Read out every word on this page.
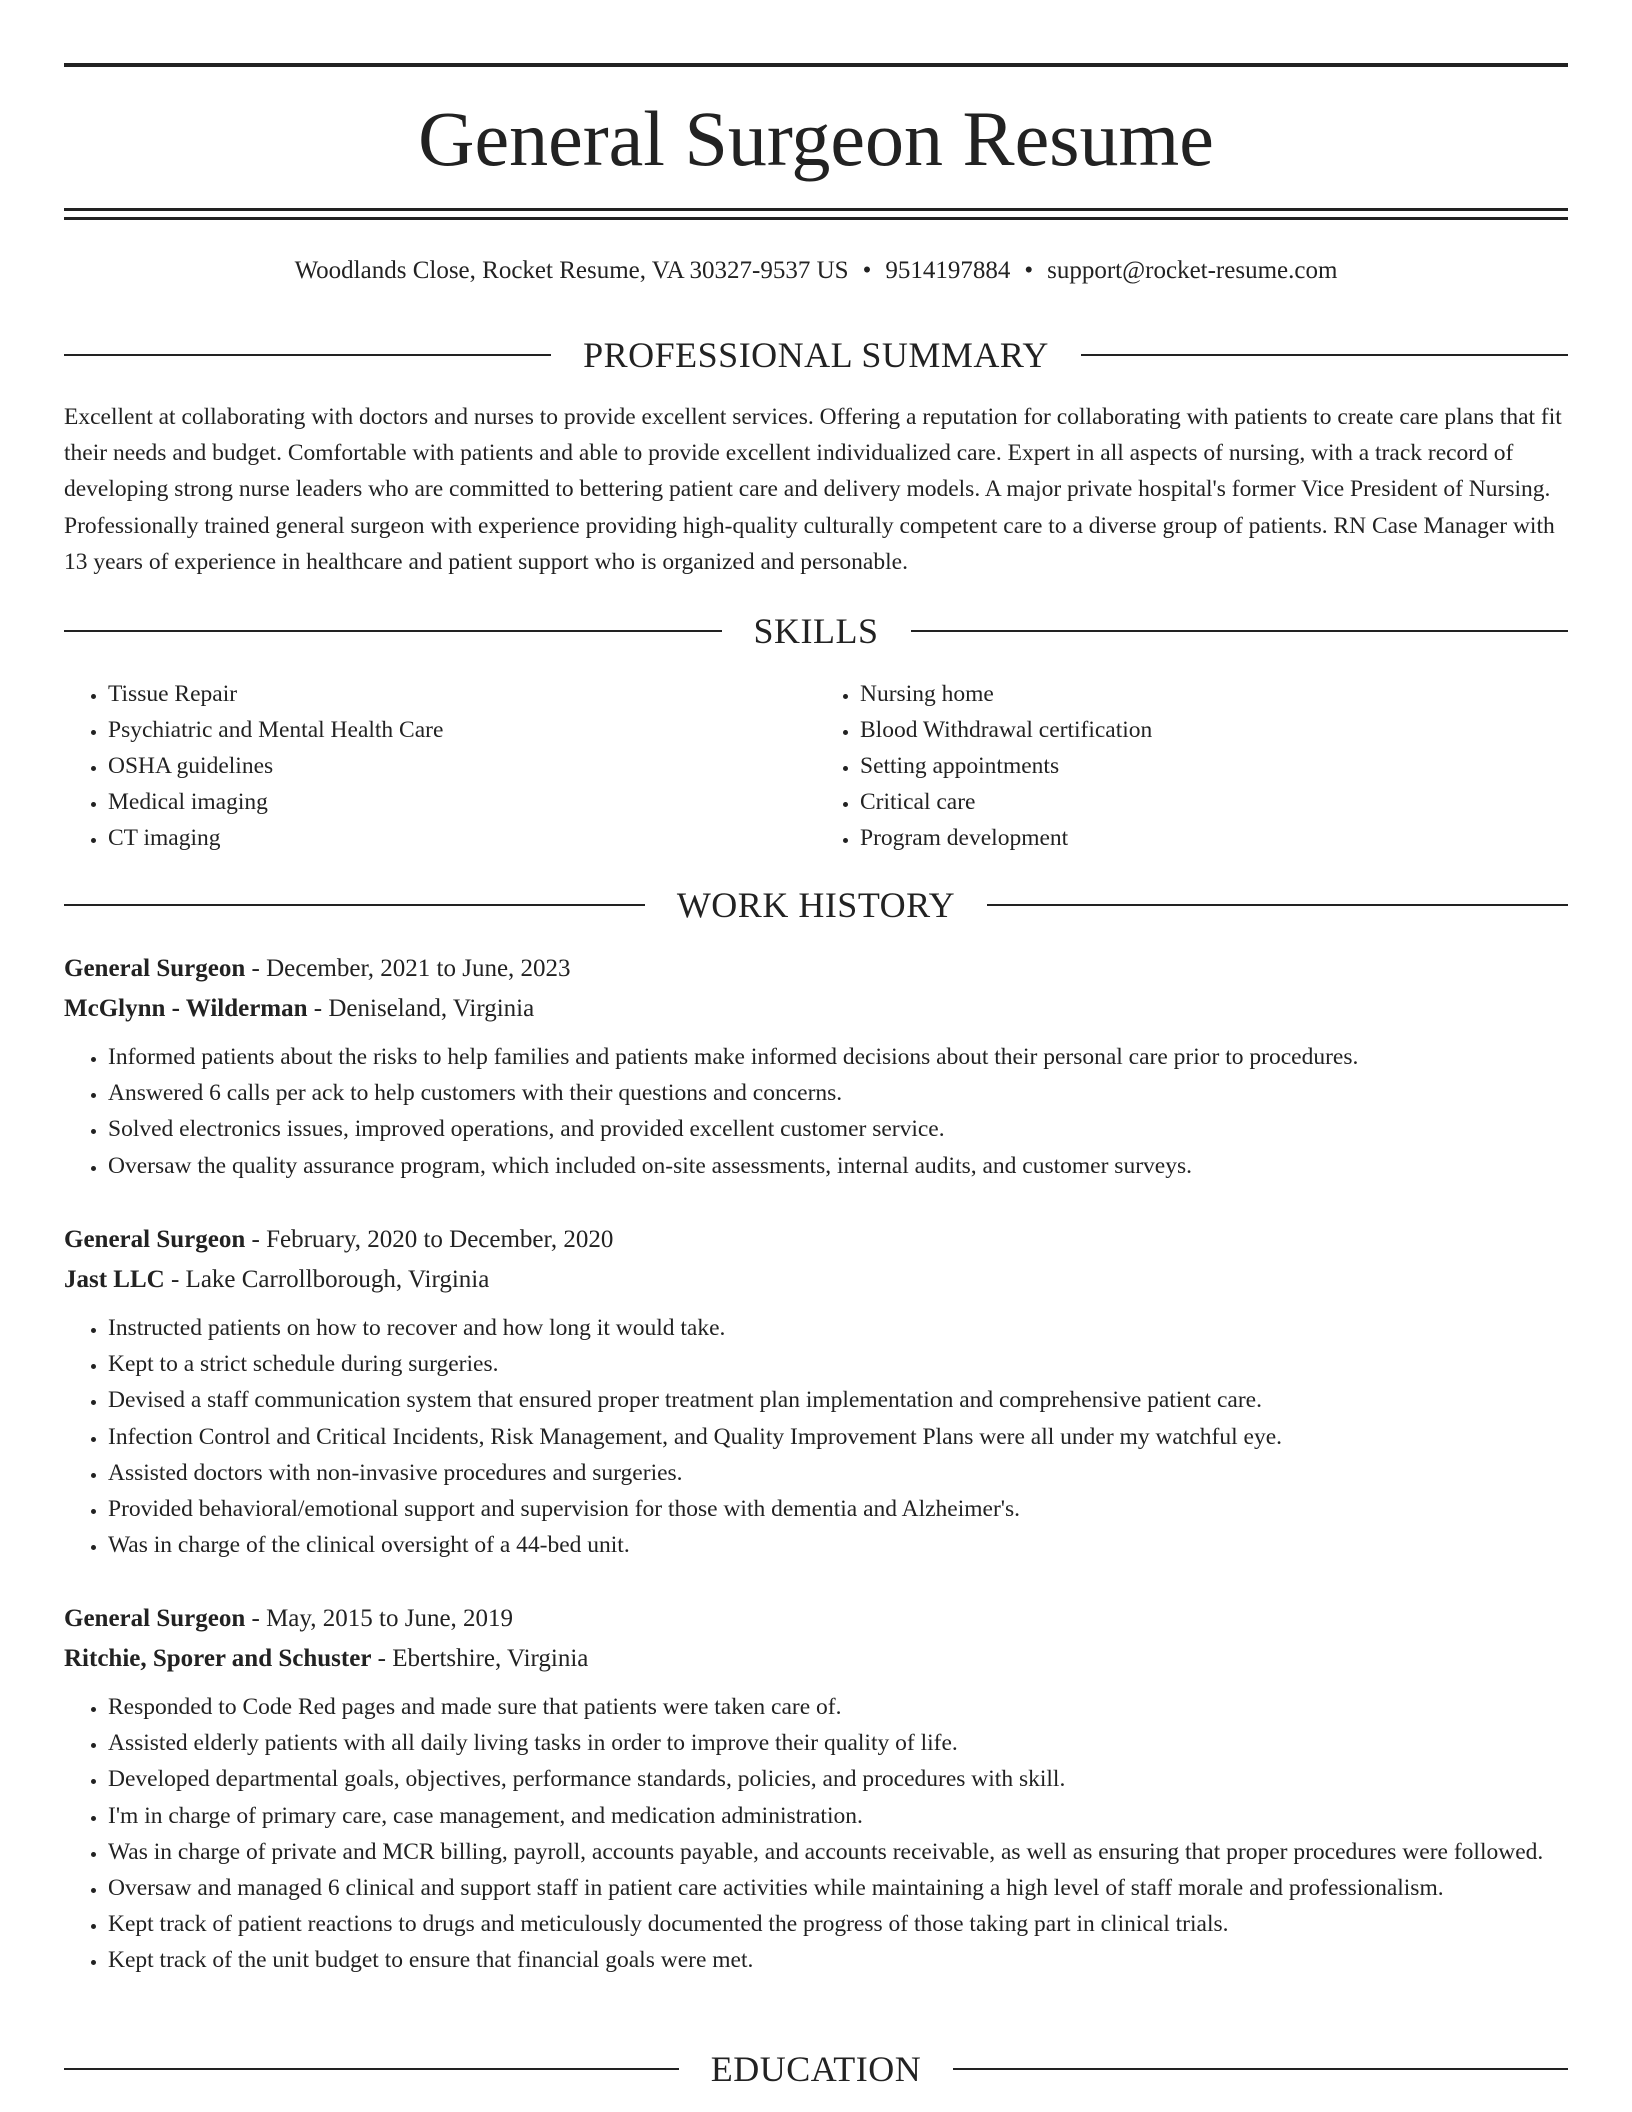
General Surgeon Resume
Woodlands Close, Rocket Resume, VA 30327-9537 US • 9514197884 • support@rocket-resume.com
PROFESSIONAL SUMMARY

Excellent at collaborating with doctors and nurses to provide excellent services. Offering a reputation for collaborating with patients to create care plans that fit their needs and budget. Comfortable with patients and able to provide excellent individualized care. Expert in all aspects of nursing, with a track record of developing strong nurse leaders who are committed to bettering patient care and delivery models. A major private hospital's former Vice President of Nursing. Professionally trained general surgeon with experience providing high-quality culturally competent care to a diverse group of patients. RN Case Manager with 13 years of experience in healthcare and patient support who is organized and personable.

SKILLS
• Tissue Repair
• Psychiatric and Mental Health Care
• OSHA guidelines
• Medical imaging
• CT imaging
• Nursing home
• Blood Withdrawal certification
• Setting appointments
• Critical care
• Program development
WORK HISTORY
General Surgeon - December, 2021 to June, 2023
McGlynn - Wilderman - Deniseland, Virginia
• Informed patients about the risks to help families and patients make informed decisions about their personal care prior to procedures.
• Answered 6 calls per ack to help customers with their questions and concerns.
• Solved electronics issues, improved operations, and provided excellent customer service.
• Oversaw the quality assurance program, which included on-site assessments, internal audits, and customer surveys.
General Surgeon - February, 2020 to December, 2020
Jast LLC - Lake Carrollborough, Virginia
• Instructed patients on how to recover and how long it would take.
• Kept to a strict schedule during surgeries.
• Devised a staff communication system that ensured proper treatment plan implementation and comprehensive patient care.
• Infection Control and Critical Incidents, Risk Management, and Quality Improvement Plans were all under my watchful eye.
• Assisted doctors with non-invasive procedures and surgeries.
• Provided behavioral/emotional support and supervision for those with dementia and Alzheimer's.
• Was in charge of the clinical oversight of a 44-bed unit.
General Surgeon - May, 2015 to June, 2019
Ritchie, Sporer and Schuster - Ebertshire, Virginia
• Responded to Code Red pages and made sure that patients were taken care of.
• Assisted elderly patients with all daily living tasks in order to improve their quality of life.
• Developed departmental goals, objectives, performance standards, policies, and procedures with skill.
• I'm in charge of primary care, case management, and medication administration.
• Was in charge of private and MCR billing, payroll, accounts payable, and accounts receivable, as well as ensuring that proper procedures were followed.
• Oversaw and managed 6 clinical and support staff in patient care activities while maintaining a high level of staff morale and professionalism.
• Kept track of patient reactions to drugs and meticulously documented the progress of those taking part in clinical trials.
• Kept track of the unit budget to ensure that financial goals were met.
EDUCATION
